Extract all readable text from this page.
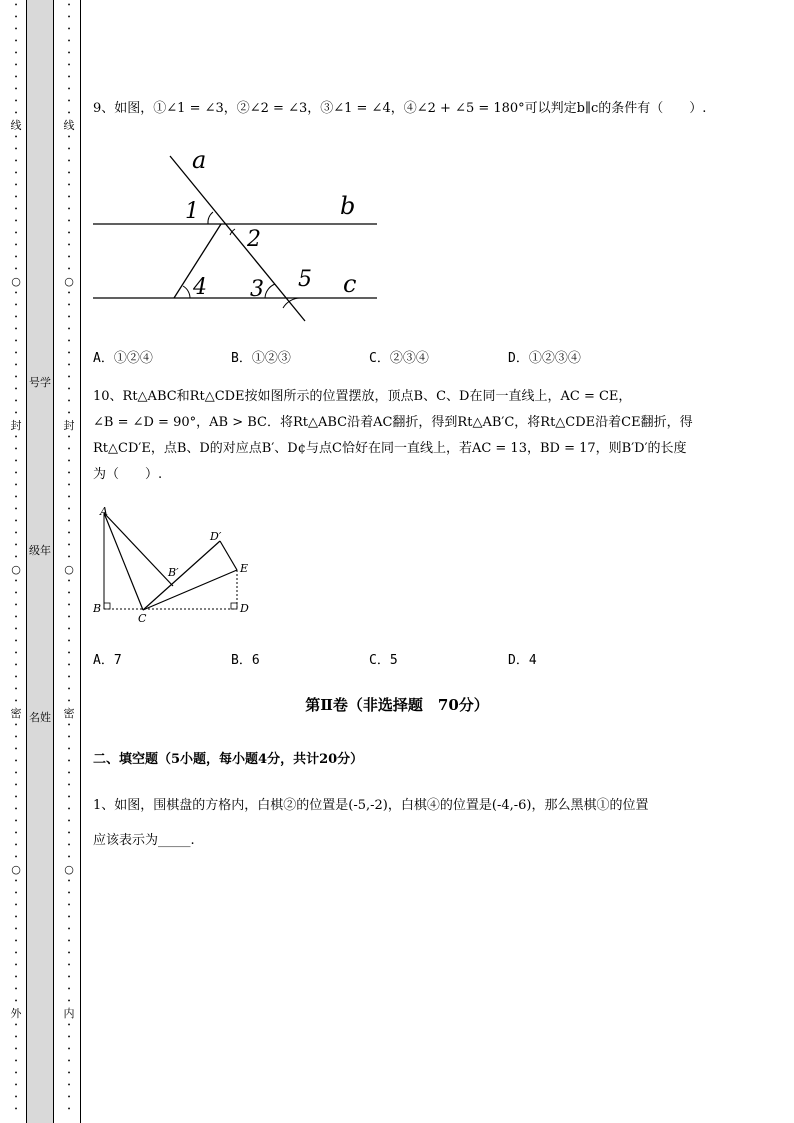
•
•
•
•
•
•
•
•
•
•
线
•
•
•
•
•
•
•
•
•
•
•
•
○
•
•
•
•
•
•
•
•
•
•
•
封
•
•
•
•
•
•
•
•
•
•
•
○
•
•
•
•
•
•
•
•
•
•
•
密
•
•
•
•
•
•
•
•
•
•
•
•
○
•
•
•
•
•
•
•
•
•
•
•
外
•
•
•
•
•
•
•
•
号学
级年
名姓
•
•
•
•
•
•
•
•
•
•
线
•
•
•
•
•
•
•
•
•
•
•
•
○
•
•
•
•
•
•
•
•
•
•
•
封
•
•
•
•
•
•
•
•
•
•
•
○
•
•
•
•
•
•
•
•
•
•
•
密
•
•
•
•
•
•
•
•
•
•
•
•
○
•
•
•
•
•
•
•
•
•
•
•
内
•
•
•
•
•
•
•
•
9、如图，①∠1 = ∠3，②∠2 = ∠3，③∠1 = ∠4，④∠2 + ∠5 = 180°可以判定b∥c的条件有（　　）.
a
b
c
1
2
3
4	5
A．①②④	B．①②③	C．②③④	D．①②③④
10、Rt△ABC和Rt△CDE按如图所示的位置摆放，顶点B、C、D在同一直线上，AC = CE，
∠B = ∠D = 90°，AB > BC．将Rt△ABC沿着AC翻折，得到Rt△AB′C，将Rt△CDE沿着CE翻折，得
Rt△CD′E，点B、D的对应点B′、D¢与点C恰好在同一直线上，若AC = 13，BD = 17，则B′D′的长度
为（　　）.
A
D′
B′	E
B
C
D
A．7	B．6	C．5	D．4
第Ⅱ卷（非选择题　70分）
二、填空题（5小题，每小题4分，共计20分）
1、如图，围棋盘的方格内，白棋②的位置是(-5,-2)，白棋④的位置是(-4,-6)，那么黑棋①的位置
应该表示为_____.
